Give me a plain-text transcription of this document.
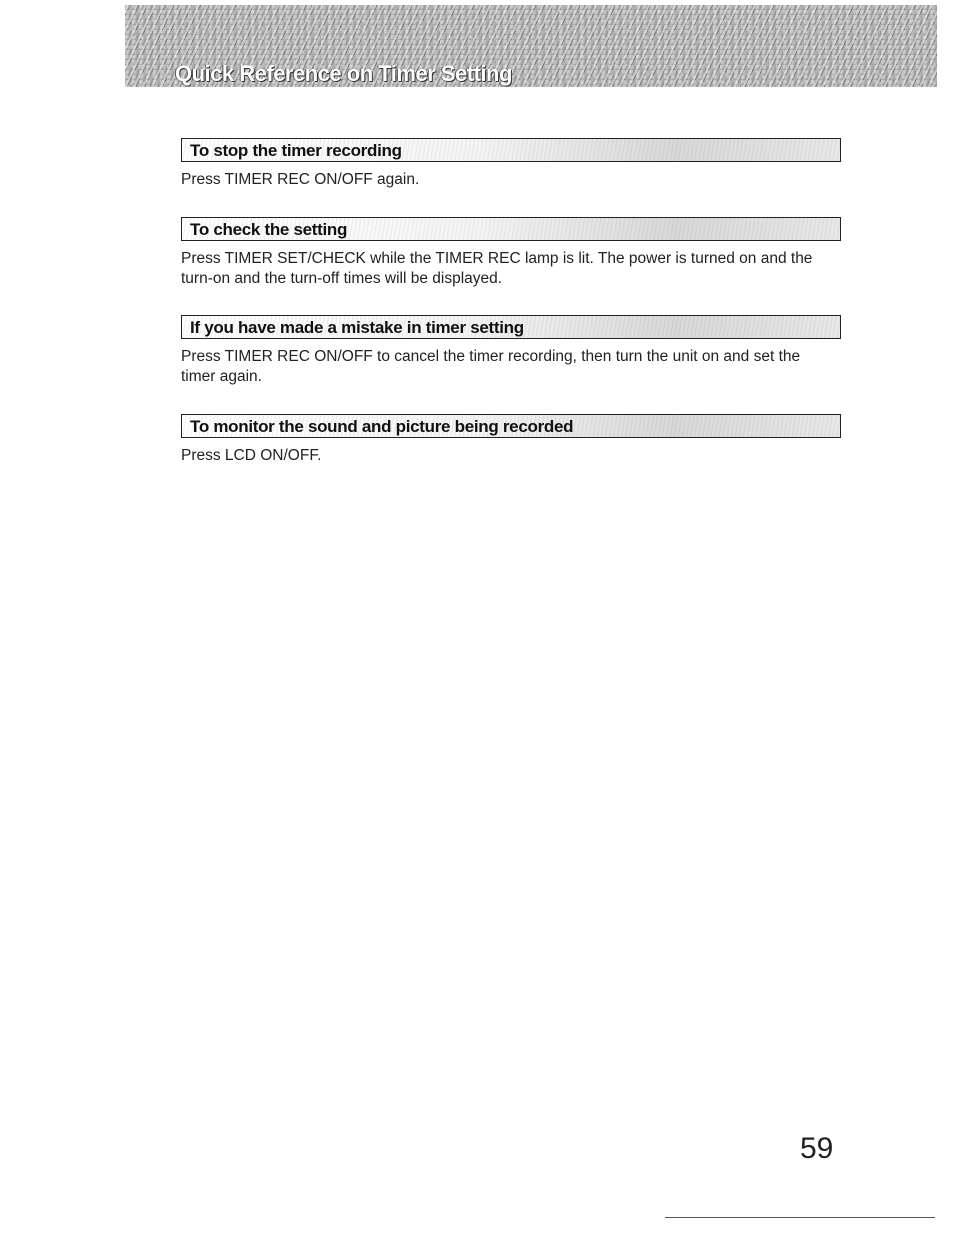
Quick Reference on Timer Setting
To stop the timer recording
Press TIMER REC ON/OFF again.
To check the setting
Press TIMER SET/CHECK while the TIMER REC lamp is lit. The power is turned on and the turn-on and the turn-off times will be displayed.
If you have made a mistake in timer setting
Press TIMER REC ON/OFF to cancel the timer recording, then turn the unit on and set the timer again.
To monitor the sound and picture being recorded
Press LCD ON/OFF.
59
